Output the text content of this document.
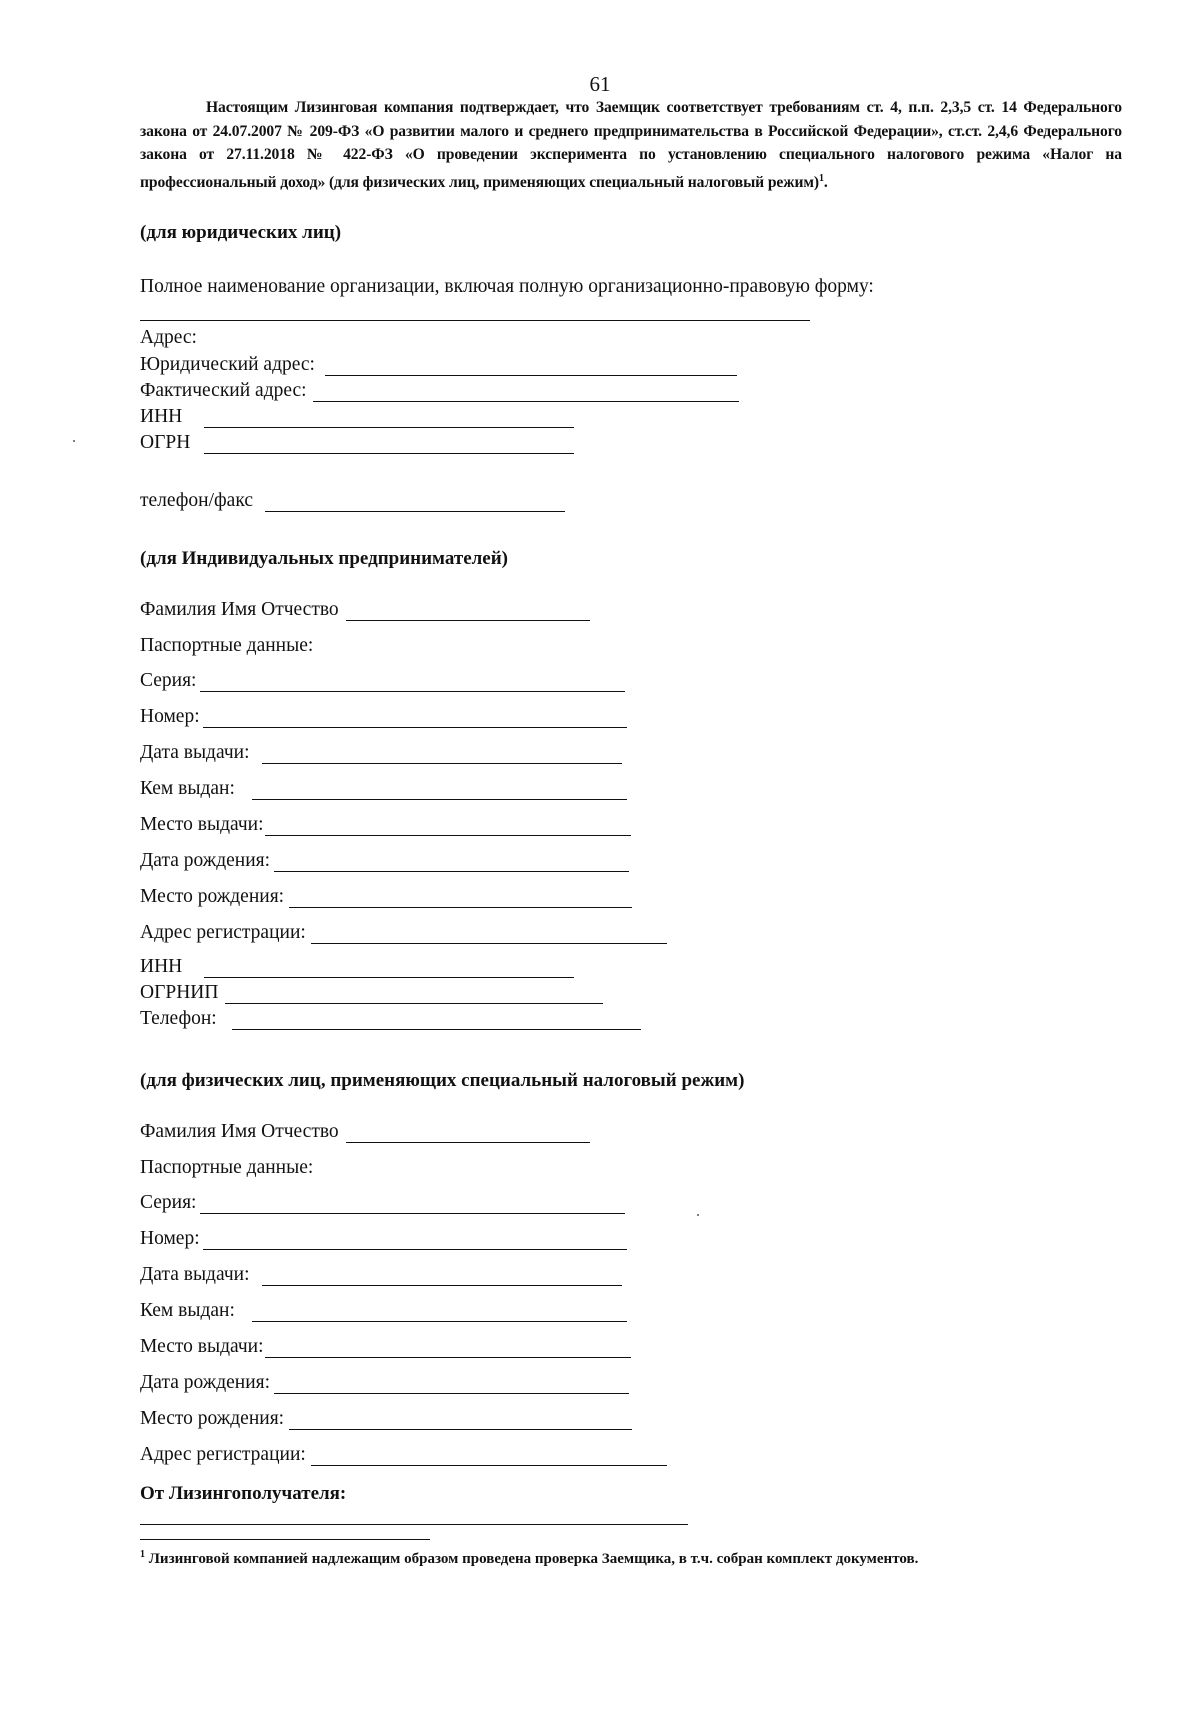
61
Настоящим Лизинговая компания подтверждает, что Заемщик соответствует требованиям ст. 4, п.п. 2,3,5 ст. 14 Федерального закона от 24.07.2007 № 209-ФЗ «О развитии малого и среднего предпринимательства в Российской Федерации», ст.ст. 2,4,6 Федерального закона от 27.11.2018 № 422-ФЗ «О проведении эксперимента по установлению специального налогового режима «Налог на профессиональный доход» (для физических лиц, применяющих специальный налоговый режим)$^1$.
(для юридических лиц)
Полное наименование организации, включая полную организационно-правовую форму:
Адрес:
Юридический адрес:
Фактический адрес:
ИНН
ОГРН
телефон/факс
(для Индивидуальных предпринимателей)
Фамилия Имя Отчество
Паспортные данные:
Серия:
Номер:
Дата выдачи:
Кем выдан:
Место выдачи:
Дата рождения:
Место рождения:
Адрес регистрации:
ИНН
ОГРНИП
Телефон:
(для физических лиц, применяющих специальный налоговый режим)
Фамилия Имя Отчество
Паспортные данные:
Серия:
Номер:
Дата выдачи:
Кем выдан:
Место выдачи:
Дата рождения:
Место рождения:
Адрес регистрации:
От Лизингополучателя:
$^1$ Лизинговой компанией надлежащим образом проведена проверка Заемщика, в т.ч. собран комплект документов.
